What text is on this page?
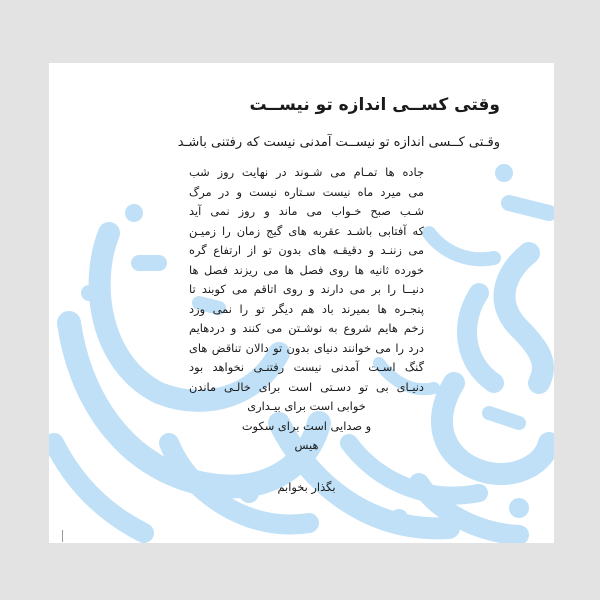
وقتی کســی اندازه تو نیســت
وقـتی کــسی اندازه تو نیســت آمدنی نیست که رفتنی باشـد
جاده ها تمـام می شـوند در نهایت روز شب
می میرد ماه نیست سـتاره نیست و در مرگ
شـب صبح خـواب می ماند و روز نمی آید
که آفتابی باشـد عقربه های گیج زمان را زمیـن
می زننـد و دقیقـه های بدون تو از ارتفاع گره
خورده ثانیه ها روی فصل ها می ریزند فصل ها
دنیــا را بر می دارند و روی اتاقم می کوبند تا
پنجـره ها بمیرند باد هم دیگر تو را نمی وزد
زخم هایم شروع به نوشـتن می کنند و دردهایم
درد را می خوانند دنیای بدون تو دالان تناقض های
گنگ اسـت آمدنی نیست رفتنـی نخواهد بود
دنیـای بی تو دسـتی است برای خالـی ماندن
خوابی است برای بیـداری
و صدایی است برای سکوت
هیس
بگذار بخوابم
